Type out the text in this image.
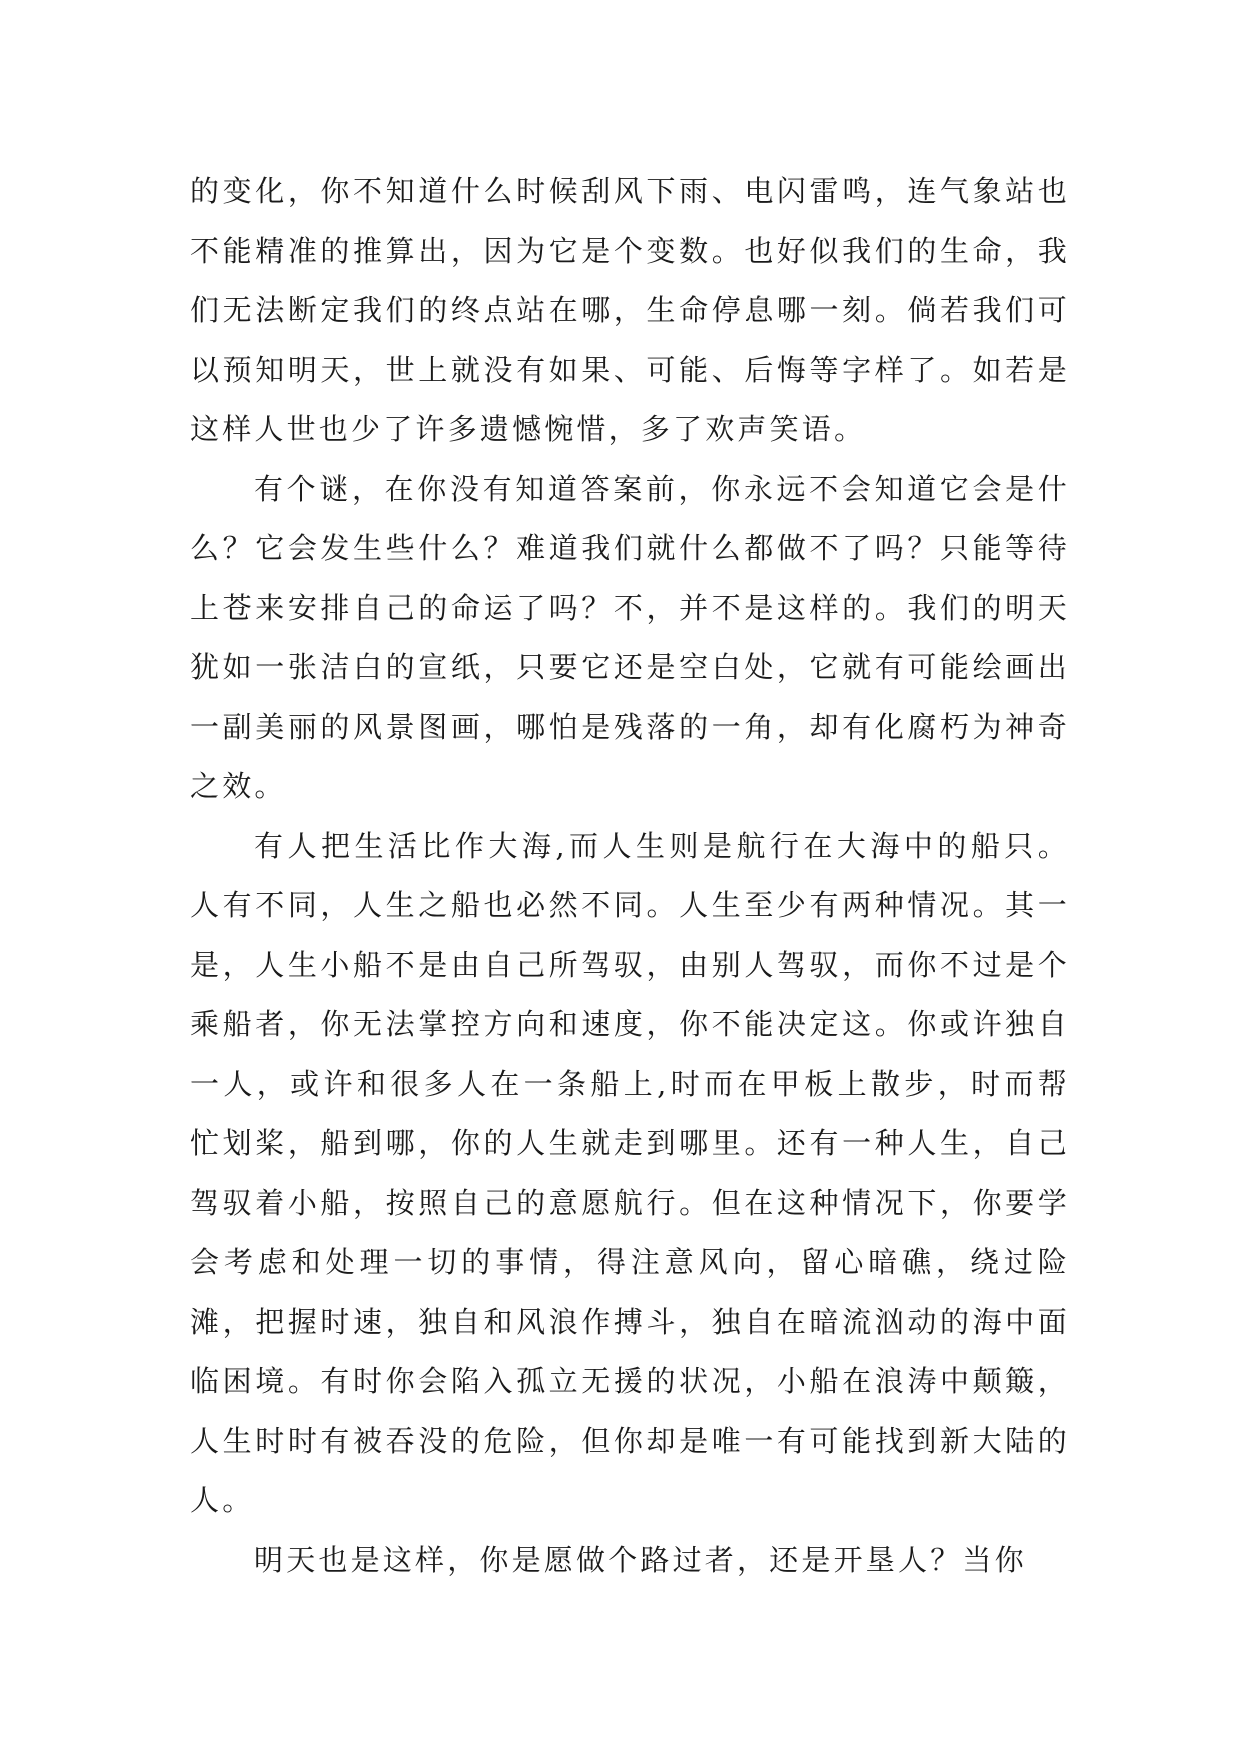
的变化，你不知道什么时候刮风下雨、电闪雷鸣，连气象站也不能精准的推算出，因为它是个变数。也好似我们的生命，我们无法断定我们的终点站在哪，生命停息哪一刻。倘若我们可以预知明天，世上就没有如果、可能、后悔等字样了。如若是这样人世也少了许多遗憾惋惜，多了欢声笑语。

有个谜，在你没有知道答案前，你永远不会知道它会是什么？它会发生些什么？难道我们就什么都做不了吗？只能等待上苍来安排自己的命运了吗？不，并不是这样的。我们的明天犹如一张洁白的宣纸，只要它还是空白处，它就有可能绘画出一副美丽的风景图画，哪怕是残落的一角，却有化腐朽为神奇之效。

有人把生活比作大海,而人生则是航行在大海中的船只。人有不同，人生之船也必然不同。人生至少有两种情况。其一是，人生小船不是由自己所驾驭，由别人驾驭，而你不过是个乘船者，你无法掌控方向和速度，你不能决定这。你或许独自一人，或许和很多人在一条船上,时而在甲板上散步，时而帮忙划桨，船到哪，你的人生就走到哪里。还有一种人生，自己驾驭着小船，按照自己的意愿航行。但在这种情况下，你要学会考虑和处理一切的事情，得注意风向，留心暗礁，绕过险滩，把握时速，独自和风浪作搏斗，独自在暗流汹动的海中面临困境。有时你会陷入孤立无援的状况，小船在浪涛中颠簸，人生时时有被吞没的危险，但你却是唯一有可能找到新大陆的人。

明天也是这样，你是愿做个路过者，还是开垦人？当你
